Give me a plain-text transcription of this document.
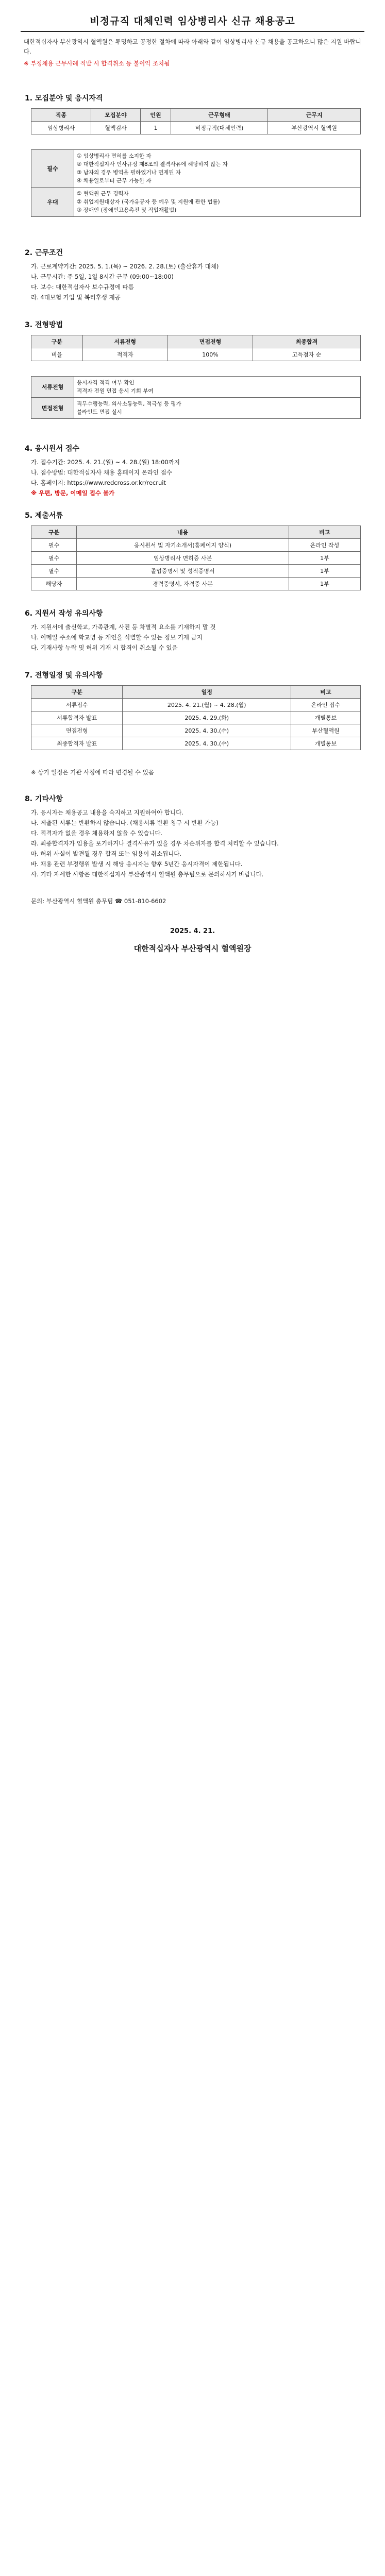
비정규직 대체인력 임상병리사 신규 채용공고
대한적십자사 부산광역시 혈액원은 투명하고 공정한 절차에 따라 아래와 같이 임상병리사 신규 채용을 공고하오니 많은 지원 바랍니다.
※ 부정채용 근무사례 적발 시 합격취소 등 불이익 조치됨
1. 모집분야 및 응시자격
직종	모집분야	인원	근무형태	근무지
임상병리사	혈액검사	1	비정규직(대체인력)	부산광역시 혈액원
필수	① 임상병리사 면허를 소지한 자
② 대한적십자사 인사규정 제8조의 결격사유에 해당하지 않는 자
③ 남자의 경우 병역을 필하였거나 면제된 자
④ 채용일로부터 근무 가능한 자

우대	① 혈액원 근무 경력자
② 취업지원대상자 (국가유공자 등 예우 및 지원에 관한 법률)
③ 장애인 (장애인고용촉진 및 직업재활법)
2. 근무조건
가. 근로계약기간: 2025. 5. 1.(목) ~ 2026. 2. 28.(토) (출산휴가 대체)
나. 근무시간: 주 5일, 1일 8시간 근무 (09:00~18:00)
다. 보수: 대한적십자사 보수규정에 따름
라. 4대보험 가입 및 복리후생 제공
3. 전형방법
구분	서류전형	면접전형	최종합격
비율	적격자	100%	고득점자 순
서류전형	응시자격 적격 여부 확인
적격자 전원 면접 응시 기회 부여

면접전형	직무수행능력, 의사소통능력, 적극성 등 평가
블라인드 면접 실시
4. 응시원서 접수
가. 접수기간: 2025. 4. 21.(월) ~ 4. 28.(월) 18:00까지
나. 접수방법: 대한적십자사 채용 홈페이지 온라인 접수
다. 홈페이지: https://www.redcross.or.kr/recruit
※ 우편, 방문, 이메일 접수 불가
5. 제출서류
구분	내용	비고
필수	응시원서 및 자기소개서(홈페이지 양식)	온라인 작성
필수	임상병리사 면허증 사본	1부
필수	졸업증명서 및 성적증명서	1부
해당자	경력증명서, 자격증 사본	1부
6. 지원서 작성 유의사항
가. 지원서에 출신학교, 가족관계, 사진 등 차별적 요소를 기재하지 말 것
나. 이메일 주소에 학교명 등 개인을 식별할 수 있는 정보 기재 금지
다. 기재사항 누락 및 허위 기재 시 합격이 취소될 수 있음
7. 전형일정 및 유의사항
구분	일정	비고
서류접수	2025. 4. 21.(월) ~ 4. 28.(월)	온라인 접수
서류합격자 발표	2025. 4. 29.(화)	개별통보
면접전형	2025. 4. 30.(수)	부산혈액원
최종합격자 발표	2025. 4. 30.(수)	개별통보
※ 상기 일정은 기관 사정에 따라 변경될 수 있음
8. 기타사항
가. 응시자는 채용공고 내용을 숙지하고 지원하여야 합니다.
나. 제출된 서류는 반환하지 않습니다. (채용서류 반환 청구 시 반환 가능)
다. 적격자가 없을 경우 채용하지 않을 수 있습니다.
라. 최종합격자가 임용을 포기하거나 결격사유가 있을 경우 차순위자를 합격 처리할 수 있습니다.
마. 허위 사실이 발견될 경우 합격 또는 임용이 취소됩니다.
바. 채용 관련 부정행위 발생 시 해당 응시자는 향후 5년간 응시자격이 제한됩니다.
사. 기타 자세한 사항은 대한적십자사 부산광역시 혈액원 총무팀으로 문의하시기 바랍니다.
문의: 부산광역시 혈액원 총무팀 ☎ 051-810-6602
2025. 4. 21.
대한적십자사 부산광역시 혈액원장
